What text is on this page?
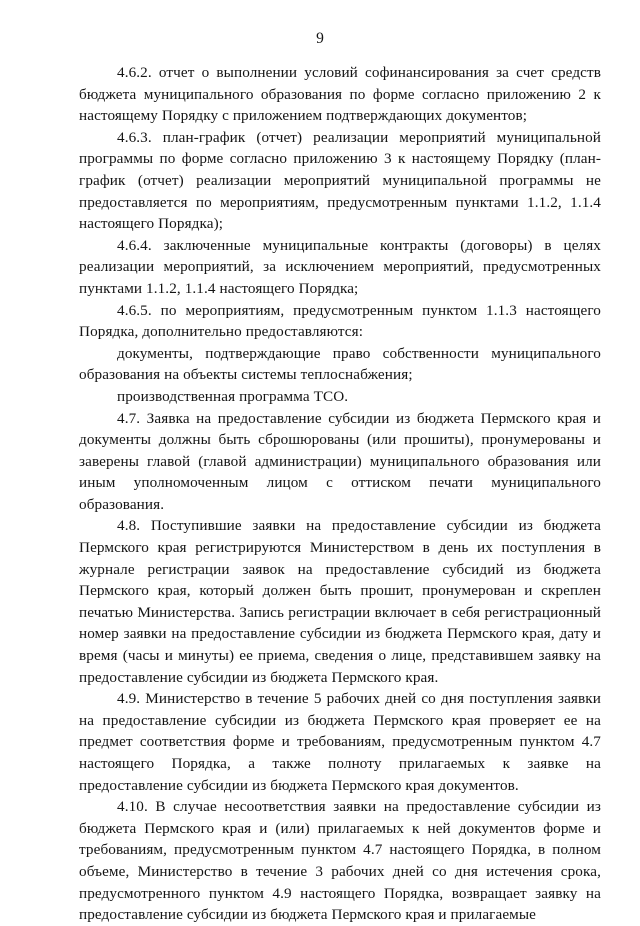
9

4.6.2. отчет о выполнении условий софинансирования за счет средств бюджета муниципального образования по форме согласно приложению 2 к настоящему Порядку с приложением подтверждающих документов;

4.6.3. план-график (отчет) реализации мероприятий муниципальной программы по форме согласно приложению 3 к настоящему Порядку (план-график (отчет) реализации мероприятий муниципальной программы не предоставляется по мероприятиям, предусмотренным пунктами 1.1.2, 1.1.4 настоящего Порядка);

4.6.4. заключенные муниципальные контракты (договоры) в целях реализации мероприятий, за исключением мероприятий, предусмотренных пунктами 1.1.2, 1.1.4 настоящего Порядка;

4.6.5. по мероприятиям, предусмотренным пунктом 1.1.3 настоящего Порядка, дополнительно предоставляются:

документы, подтверждающие право собственности муниципального образования на объекты системы теплоснабжения;

производственная программа ТСО.

4.7. Заявка на предоставление субсидии из бюджета Пермского края и документы должны быть сброшюрованы (или прошиты), пронумерованы и заверены главой (главой администрации) муниципального образования или иным уполномоченным лицом с оттиском печати муниципального образования.

4.8. Поступившие заявки на предоставление субсидии из бюджета Пермского края регистрируются Министерством в день их поступления в журнале регистрации заявок на предоставление субсидий из бюджета Пермского края, который должен быть прошит, пронумерован и скреплен печатью Министерства. Запись регистрации включает в себя регистрационный номер заявки на предоставление субсидии из бюджета Пермского края, дату и время (часы и минуты) ее приема, сведения о лице, представившем заявку на предоставление субсидии из бюджета Пермского края.

4.9. Министерство в течение 5 рабочих дней со дня поступления заявки на предоставление субсидии из бюджета Пермского края проверяет ее на предмет соответствия форме и требованиям, предусмотренным пунктом 4.7 настоящего Порядка, а также полноту прилагаемых к заявке на предоставление субсидии из бюджета Пермского края документов.

4.10. В случае несоответствия заявки на предоставление субсидии из бюджета Пермского края и (или) прилагаемых к ней документов форме и требованиям, предусмотренным пунктом 4.7 настоящего Порядка, в полном объеме, Министерство в течение 3 рабочих дней со дня истечения срока, предусмотренного пунктом 4.9 настоящего Порядка, возвращает заявку на предоставление субсидии из бюджета Пермского края и прилагаемые
